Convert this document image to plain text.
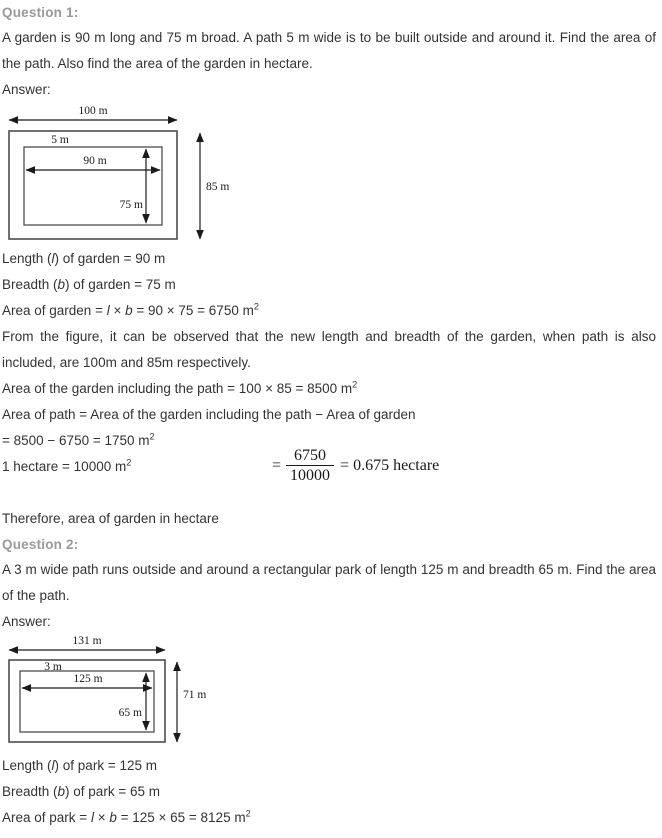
Question 1:
A garden is 90 m long and 75 m broad. A path 5 m wide is to be built outside and around it. Find the area of the path. Also find the area of the garden in hectare.
Answer:
100 m
5 m
90 m
75 m
85 m
Length (l) of garden = 90 m
Breadth (b) of garden = 75 m
Area of garden = l × b = 90 × 75 = 6750 $m^2$
From the figure, it can be observed that the new length and breadth of the garden, when path is also included, are 100m and 85m respectively.
Area of the garden including the path = 100 × 85 = 8500 $m^2$
Area of path = Area of the garden including the path − Area of garden
= 8500 − 6750 = 1750 $m^2$
1 hectare = 10000 $m^2$	= $\frac{6750}{10000} = 0.675$ hectare
Therefore, area of garden in hectare
Question 2:
A 3 m wide path runs outside and around a rectangular park of length 125 m and breadth 65 m. Find the area of the path.
Answer:
131 m
3 m
125 m
65 m
71 m
Length (l) of park = 125 m
Breadth (b) of park = 65 m
Area of park = l × b = 125 × 65 = 8125 $m^2$
